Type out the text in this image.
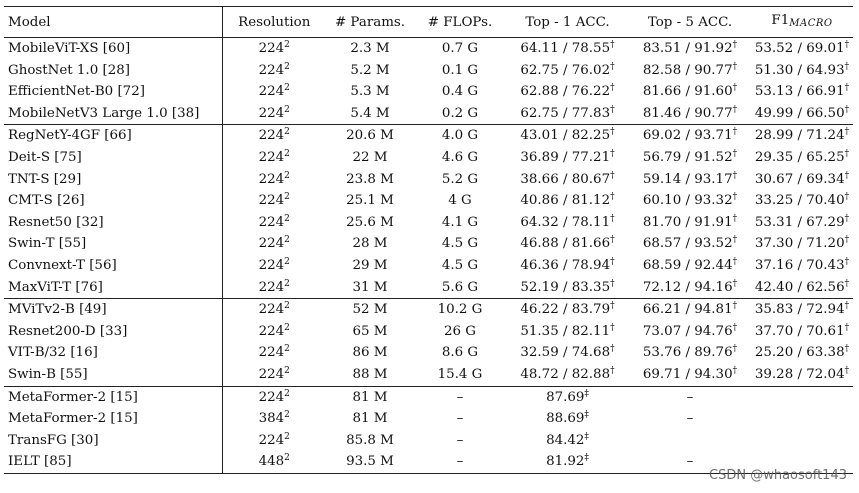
Model	Resolution	# Params.	# FLOPs.	Top - 1 ACC.	Top - 5 ACC.	F1MACRO
MobileViT-XS [60]	$224^2$	2.3 M	0.7 G	64.11 / 78.55†	83.51 / 91.92†	53.52 / 69.01†
GhostNet 1.0 [28]	$224^2$	5.2 M	0.1 G	62.75 / 76.02†	82.58 / 90.77†	51.30 / 64.93†
EfficientNet-B0 [72]	$224^2$	5.3 M	0.4 G	62.88 / 76.22†	81.66 / 91.60†	53.13 / 66.91†
MobileNetV3 Large 1.0 [38]	$224^2$	5.4 M	0.2 G	62.75 / 77.83†	81.46 / 90.77†	49.99 / 66.50†
RegNetY-4GF [66]	$224^2$	20.6 M	4.0 G	43.01 / 82.25†	69.02 / 93.71†	28.99 / 71.24†
Deit-S [75]	$224^2$	22 M	4.6 G	36.89 / 77.21†	56.79 / 91.52†	29.35 / 65.25†
TNT-S [29]	$224^2$	23.8 M	5.2 G	38.66 / 80.67†	59.14 / 93.17†	30.67 / 69.34†
CMT-S [26]	$224^2$	25.1 M	4 G	40.86 / 81.12†	60.10 / 93.32†	33.25 / 70.40†
Resnet50 [32]	$224^2$	25.6 M	4.1 G	64.32 / 78.11†	81.70 / 91.91†	53.31 / 67.29†
Swin-T [55]	$224^2$	28 M	4.5 G	46.88 / 81.66†	68.57 / 93.52†	37.30 / 71.20†
Convnext-T [56]	$224^2$	29 M	4.5 G	46.36 / 78.94†	68.59 / 92.44†	37.16 / 70.43†
MaxViT-T [76]	$224^2$	31 M	5.6 G	52.19 / 83.35†	72.12 / 94.16†	42.40 / 62.56†
MViTv2-B [49]	$224^2$	52 M	10.2 G	46.22 / 83.79†	66.21 / 94.81†	35.83 / 72.94†
Resnet200-D [33]	$224^2$	65 M	26 G	51.35 / 82.11†	73.07 / 94.76†	37.70 / 70.61†
VIT-B/32 [16]	$224^2$	86 M	8.6 G	32.59 / 74.68†	53.76 / 89.76†	25.20 / 63.38†
Swin-B [55]	$224^2$	88 M	15.4 G	48.72 / 82.88†	69.71 / 94.30†	39.28 / 72.04†
MetaFormer-2 [15]	$224^2$	81 M	–	87.69‡	–	
MetaFormer-2 [15]	$384^2$	81 M	–	88.69‡	–	
TransFG [30]	$224^2$	85.8 M	–	84.42‡		
IELT [85]	$448^2$	93.5 M	–	81.92‡	–	
CSDN @whaosoft143
